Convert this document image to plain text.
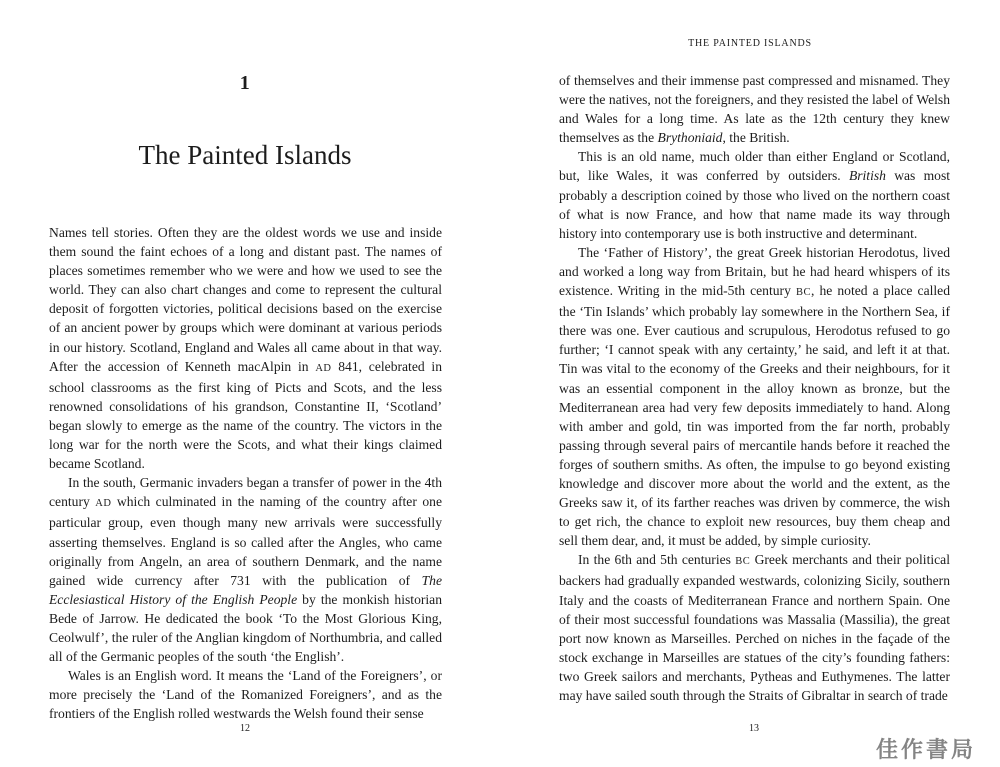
1
The Painted Islands

Names tell stories. Often they are the oldest words we use and inside them sound the faint echoes of a long and distant past. The names of places sometimes remember who we were and how we used to see the world. They can also chart changes and come to represent the cultural deposit of forgotten victories, political decisions based on the exercise of an ancient power by groups which were dominant at various periods in our history. Scotland, England and Wales all came about in that way. After the accession of Kenneth macAlpin in AD 841, celebrated in school classrooms as the first king of Picts and Scots, and the less renowned consolidations of his grandson, Constantine II, ‘Scotland’ began slowly to emerge as the name of the country. The victors in the long war for the north were the Scots, and what their kings claimed became Scotland.

In the south, Germanic invaders began a transfer of power in the 4th century AD which culminated in the naming of the country after one particular group, even though many new arrivals were successfully asserting themselves. England is so called after the Angles, who came originally from Angeln, an area of southern Denmark, and the name gained wide currency after 731 with the publication of The Ecclesiastical History of the English People by the monkish historian Bede of Jarrow. He dedicated the book ‘To the Most Glorious King, Ceolwulf’, the ruler of the Anglian kingdom of Northumbria, and called all of the Germanic peoples of the south ‘the English’.

Wales is an English word. It means the ‘Land of the Foreigners’, or more precisely the ‘Land of the Romanized Foreigners’, and as the frontiers of the English rolled westwards the Welsh found their sense

12
THE PAINTED ISLANDS

of themselves and their immense past compressed and misnamed. They were the natives, not the foreigners, and they resisted the label of Welsh and Wales for a long time. As late as the 12th century they knew themselves as the Brythoniaid, the British.

This is an old name, much older than either England or Scotland, but, like Wales, it was conferred by outsiders. British was most probably a description coined by those who lived on the northern coast of what is now France, and how that name made its way through history into contemporary use is both instructive and determinant.

The ‘Father of History’, the great Greek historian Herodotus, lived and worked a long way from Britain, but he had heard whispers of its existence. Writing in the mid-5th century BC, he noted a place called the ‘Tin Islands’ which probably lay somewhere in the Northern Sea, if there was one. Ever cautious and scrupulous, Herodotus refused to go further; ‘I cannot speak with any certainty,’ he said, and left it at that. Tin was vital to the economy of the Greeks and their neighbours, for it was an essential component in the alloy known as bronze, but the Mediterranean area had very few deposits immediately to hand. Along with amber and gold, tin was imported from the far north, probably passing through several pairs of mercantile hands before it reached the forges of southern smiths. As often, the impulse to go beyond existing knowledge and discover more about the world and the extent, as the Greeks saw it, of its farther reaches was driven by commerce, the wish to get rich, the chance to exploit new resources, buy them cheap and sell them dear, and, it must be added, by simple curiosity.

In the 6th and 5th centuries BC Greek merchants and their political backers had gradually expanded westwards, colonizing Sicily, southern Italy and the coasts of Mediterranean France and northern Spain. One of their most successful foundations was Massalia (Massilia), the great port now known as Marseilles. Perched on niches in the façade of the stock exchange in Marseilles are statues of the city’s founding fathers: two Greek sailors and merchants, Pytheas and Euthymenes. The latter may have sailed south through the Straits of Gibraltar in search of trade

13
佳作書局
